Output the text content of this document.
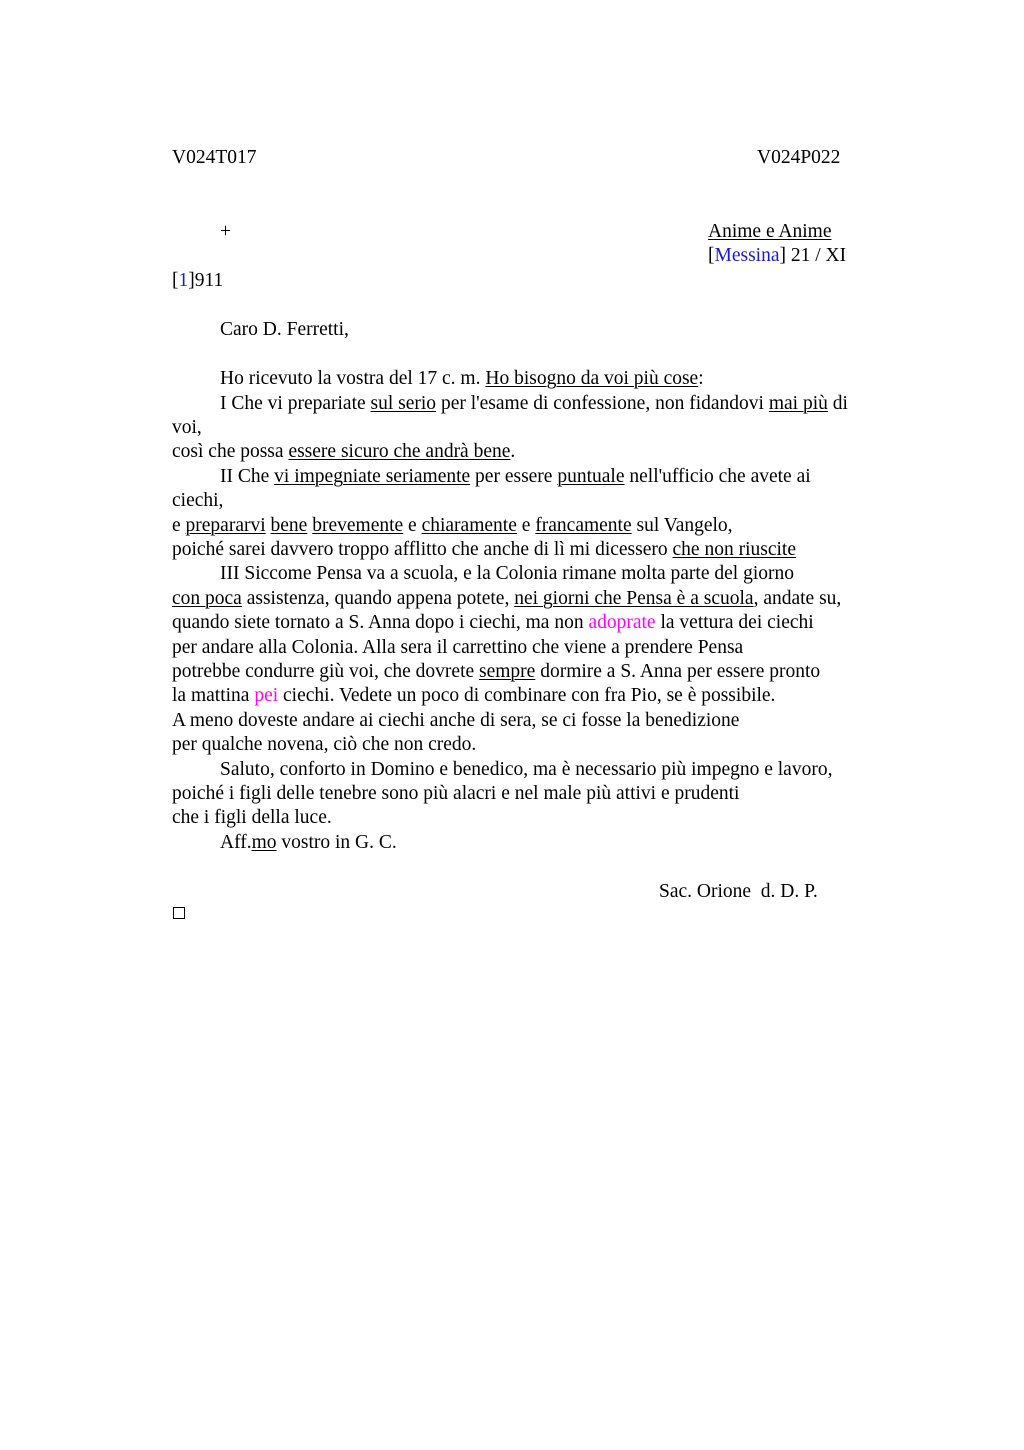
V024T017	V024P022
+	Anime e Anime
[Messina] 21 / XI
[1]911
Caro D. Ferretti,
Ho ricevuto la vostra del 17 c. m. Ho bisogno da voi più cose:
I Che vi prepariate sul serio per l'esame di confessione, non fidandovi mai più di
voi,
così che possa essere sicuro che andrà bene.
II Che vi impegniate seriamente per essere puntuale nell'ufficio che avete ai
ciechi,
e prepararvi bene brevemente e chiaramente e francamente sul Vangelo,
poiché sarei davvero troppo afflitto che anche di lì mi dicessero che non riuscite
III Siccome Pensa va a scuola, e la Colonia rimane molta parte del giorno
con poca assistenza, quando appena potete, nei giorni che Pensa è a scuola, andate su,
quando siete tornato a S. Anna dopo i ciechi, ma non adoprate la vettura dei ciechi
per andare alla Colonia. Alla sera il carrettino che viene a prendere Pensa
potrebbe condurre giù voi, che dovrete sempre dormire a S. Anna per essere pronto
la mattina pei ciechi. Vedete un poco di combinare con fra Pio, se è possibile.
A meno doveste andare ai ciechi anche di sera, se ci fosse la benedizione
per qualche novena, ciò che non credo.
Saluto, conforto in Domino e benedico, ma è necessario più impegno e lavoro,
poiché i figli delle tenebre sono più alacri e nel male più attivi e prudenti
che i figli della luce.
Aff.mo vostro in G. C.
Sac. Orione  d. D. P.
